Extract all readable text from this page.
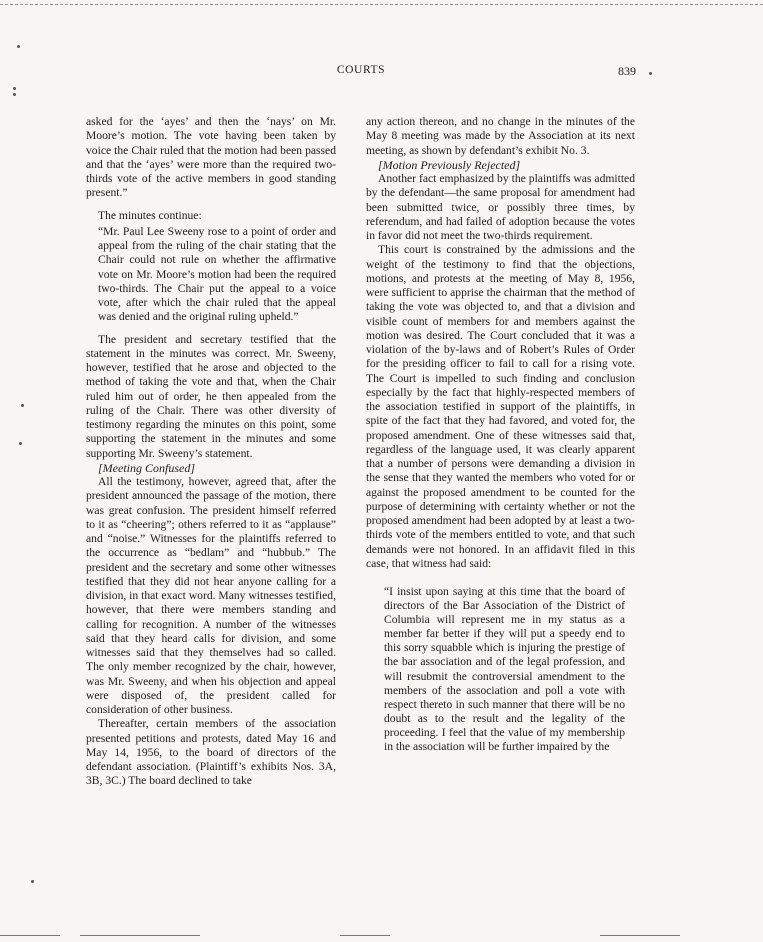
COURTS	839

asked for the ‘ayes’ and then the ‘nays’ on Mr. Moore’s motion. The vote having been taken by voice the Chair ruled that the motion had been passed and that the ‘ayes’ were more than the required two-thirds vote of the active members in good standing present.”

The minutes continue:

“Mr. Paul Lee Sweeny rose to a point of order and appeal from the ruling of the chair stating that the Chair could not rule on whether the affirmative vote on Mr. Moore’s motion had been the required two-thirds. The Chair put the appeal to a voice vote, after which the chair ruled that the appeal was denied and the original ruling upheld.”

The president and secretary testified that the statement in the minutes was correct. Mr. Sweeny, however, testified that he arose and objected to the method of taking the vote and that, when the Chair ruled him out of order, he then appealed from the ruling of the Chair. There was other diversity of testimony regarding the minutes on this point, some supporting the statement in the minutes and some supporting Mr. Sweeny’s statement.

[Meeting Confused]

All the testimony, however, agreed that, after the president announced the passage of the motion, there was great confusion. The president himself referred to it as “cheering”; others referred to it as “applause” and “noise.” Witnesses for the plaintiffs referred to the occurrence as “bedlam” and “hubbub.” The president and the secretary and some other witnesses testified that they did not hear anyone calling for a division, in that exact word. Many witnesses testified, however, that there were members standing and calling for recognition. A number of the witnesses said that they heard calls for division, and some witnesses said that they themselves had so called. The only member recognized by the chair, however, was Mr. Sweeny, and when his objection and appeal were disposed of, the president called for consideration of other business.

Thereafter, certain members of the association presented petitions and protests, dated May 16 and May 14, 1956, to the board of directors of the defendant association. (Plaintiff’s exhibits Nos. 3A, 3B, 3C.) The board declined to take

any action thereon, and no change in the minutes of the May 8 meeting was made by the Association at its next meeting, as shown by defendant’s exhibit No. 3.

[Motion Previously Rejected]

Another fact emphasized by the plaintiffs was admitted by the defendant—the same proposal for amendment had been submitted twice, or possibly three times, by referendum, and had failed of adoption because the votes in favor did not meet the two-thirds requirement.

This court is constrained by the admissions and the weight of the testimony to find that the objections, motions, and protests at the meeting of May 8, 1956, were sufficient to apprise the chairman that the method of taking the vote was objected to, and that a division and visible count of members for and members against the motion was desired. The Court concluded that it was a violation of the by-laws and of Robert’s Rules of Order for the presiding officer to fail to call for a rising vote. The Court is impelled to such finding and conclusion especially by the fact that highly-respected members of the association testified in support of the plaintiffs, in spite of the fact that they had favored, and voted for, the proposed amendment. One of these witnesses said that, regardless of the language used, it was clearly apparent that a number of persons were demanding a division in the sense that they wanted the members who voted for or against the proposed amendment to be counted for the purpose of determining with certainty whether or not the proposed amendment had been adopted by at least a two-thirds vote of the members entitled to vote, and that such demands were not honored. In an affidavit filed in this case, that witness had said:

“I insist upon saying at this time that the board of directors of the Bar Association of the District of Columbia will represent me in my status as a member far better if they will put a speedy end to this sorry squabble which is injuring the prestige of the bar association and of the legal profession, and will resubmit the controversial amendment to the members of the association and poll a vote with respect thereto in such manner that there will be no doubt as to the result and the legality of the proceeding. I feel that the value of my membership in the association will be further impaired by the
